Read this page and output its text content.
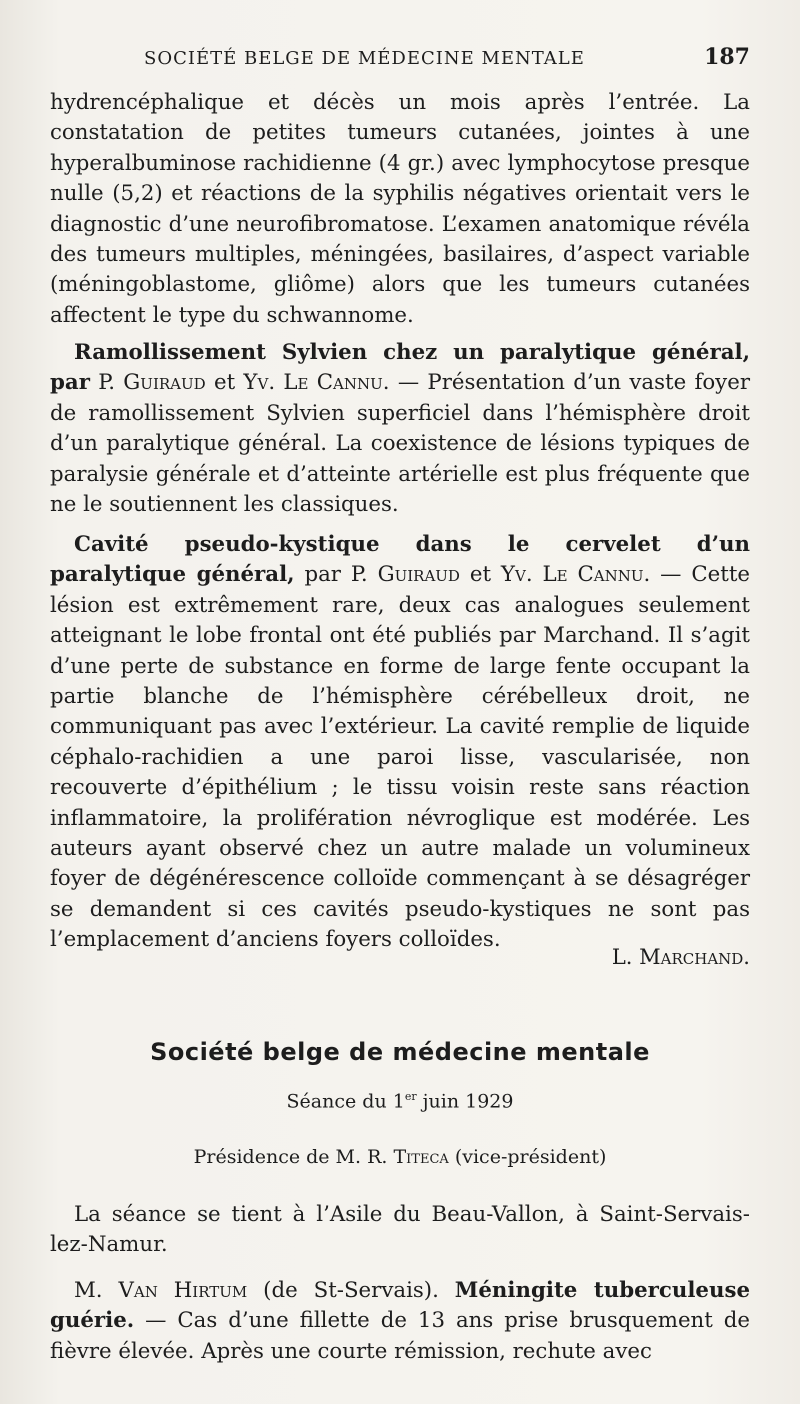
SOCIÉTÉ BELGE DE MÉDECINE MENTALE	187

hydrencéphalique et décès un mois après l’entrée. La constatation de petites tumeurs cutanées, jointes à une hyperalbuminose rachidienne (4 gr.) avec lymphocytose presque nulle (5,2) et réactions de la syphilis négatives orientait vers le diagnostic d’une neurofibromatose. L’examen anatomique révéla des tumeurs multiples, méningées, basilaires, d’aspect variable (méningoblastome, gliôme) alors que les tumeurs cutanées affectent le type du schwannome.

Ramollissement Sylvien chez un paralytique général, par P. Guiraud et Yv. Le Cannu. — Présentation d’un vaste foyer de ramollissement Sylvien superficiel dans l’hémisphère droit d’un paralytique général. La coexistence de lésions typiques de paralysie générale et d’atteinte artérielle est plus fréquente que ne le soutiennent les classiques.

Cavité pseudo-kystique dans le cervelet d’un paralytique général, par P. Guiraud et Yv. Le Cannu. — Cette lésion est extrêmement rare, deux cas analogues seulement atteignant le lobe frontal ont été publiés par Marchand. Il s’agit d’une perte de substance en forme de large fente occupant la partie blanche de l’hémisphère cérébelleux droit, ne communiquant pas avec l’extérieur. La cavité remplie de liquide céphalo-rachidien a une paroi lisse, vascularisée, non recouverte d’épithélium ; le tissu voisin reste sans réaction inflammatoire, la prolifération névroglique est modérée. Les auteurs ayant observé chez un autre malade un volumineux foyer de dégénérescence colloïde commençant à se désagréger se demandent si ces cavités pseudo-kystiques ne sont pas l’emplacement d’anciens foyers colloïdes.

L. Marchand.
Société belge de médecine mentale
Séance du 1er juin 1929
Présidence de M. R. Titeca (vice-président)

La séance se tient à l’Asile du Beau-Vallon, à Saint-Servais-lez-Namur.

M. Van Hirtum (de St-Servais). Méningite tuberculeuse guérie. — Cas d’une fillette de 13 ans prise brusquement de fièvre élevée. Après une courte rémission, rechute avec
